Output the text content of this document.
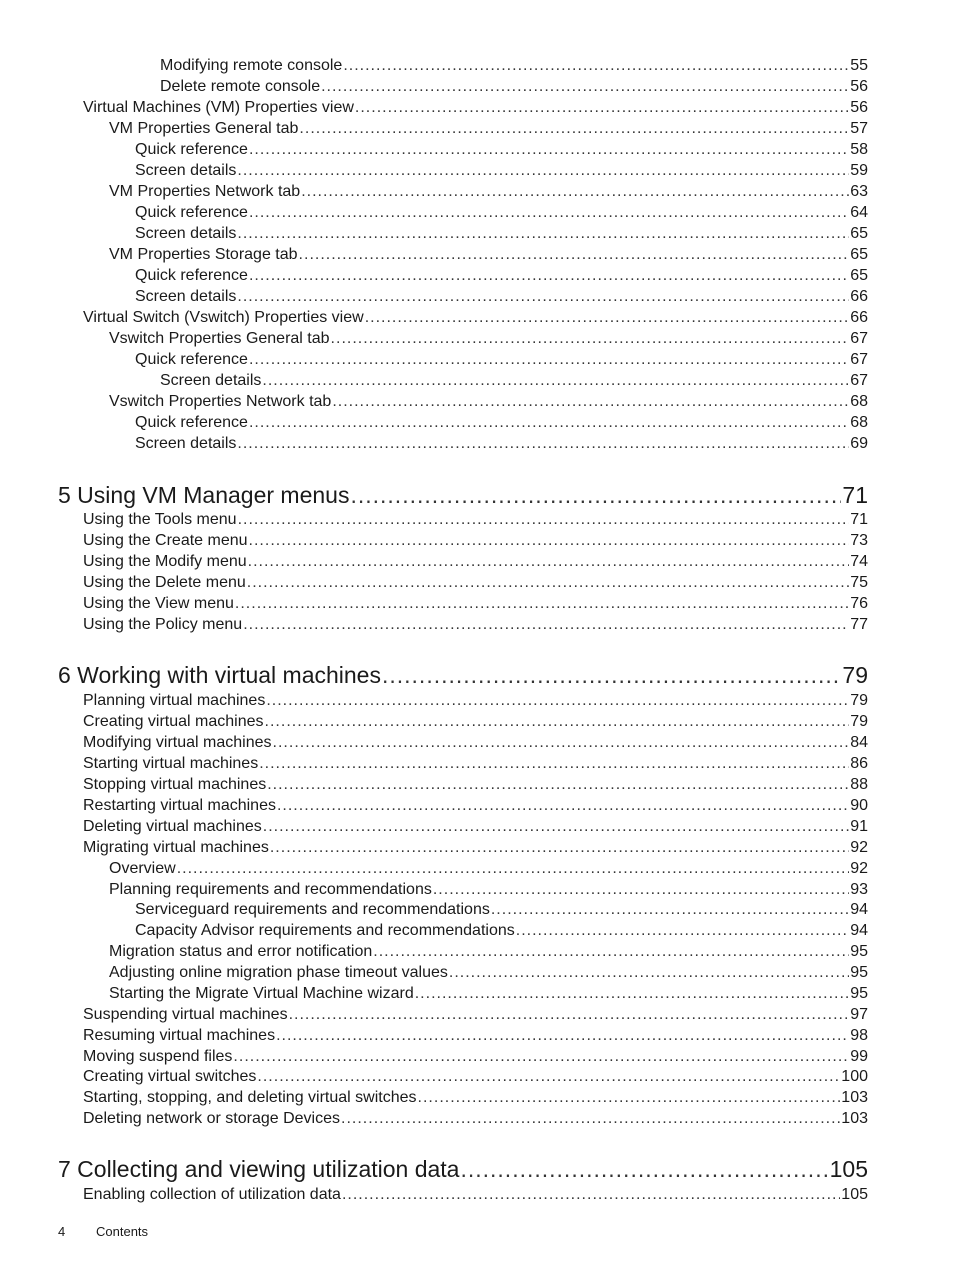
Modifying remote console .....	55
Delete remote console .....	56
Virtual Machines (VM) Properties view .....	56
VM Properties General tab .....	57
Quick reference .....	58
Screen details .....	59
VM Properties Network tab .....	63
Quick reference .....	64
Screen details .....	65
VM Properties Storage tab .....	65
Quick reference .....	65
Screen details .....	66
Virtual Switch (Vswitch) Properties view .....	66
Vswitch Properties General tab .....	67
Quick reference .....	67
Screen details .....	67
Vswitch Properties Network tab .....	68
Quick reference .....	68
Screen details .....	69
5 Using VM Manager menus .....	71
Using the Tools menu .....	71
Using the Create menu .....	73
Using the Modify menu .....	74
Using the Delete menu .....	75
Using the View menu .....	76
Using the Policy menu .....	77
6 Working with virtual machines .....	79
Planning virtual machines .....	79
Creating virtual machines .....	79
Modifying virtual machines .....	84
Starting virtual machines .....	86
Stopping virtual machines .....	88
Restarting virtual machines .....	90
Deleting virtual machines .....	91
Migrating virtual machines .....	92
Overview .....	92
Planning requirements and recommendations .....	93
Serviceguard requirements and recommendations .....	94
Capacity Advisor requirements and recommendations .....	94
Migration status and error notification .....	95
Adjusting online migration phase timeout values .....	95
Starting the Migrate Virtual Machine wizard .....	95
Suspending virtual machines .....	97
Resuming virtual machines .....	98
Moving suspend files .....	99
Creating virtual switches .....	100
Starting, stopping, and deleting virtual switches .....	103
Deleting network or storage Devices .....	103
7 Collecting and viewing utilization data .....	105
Enabling collection of utilization data .....	105
4	Contents
